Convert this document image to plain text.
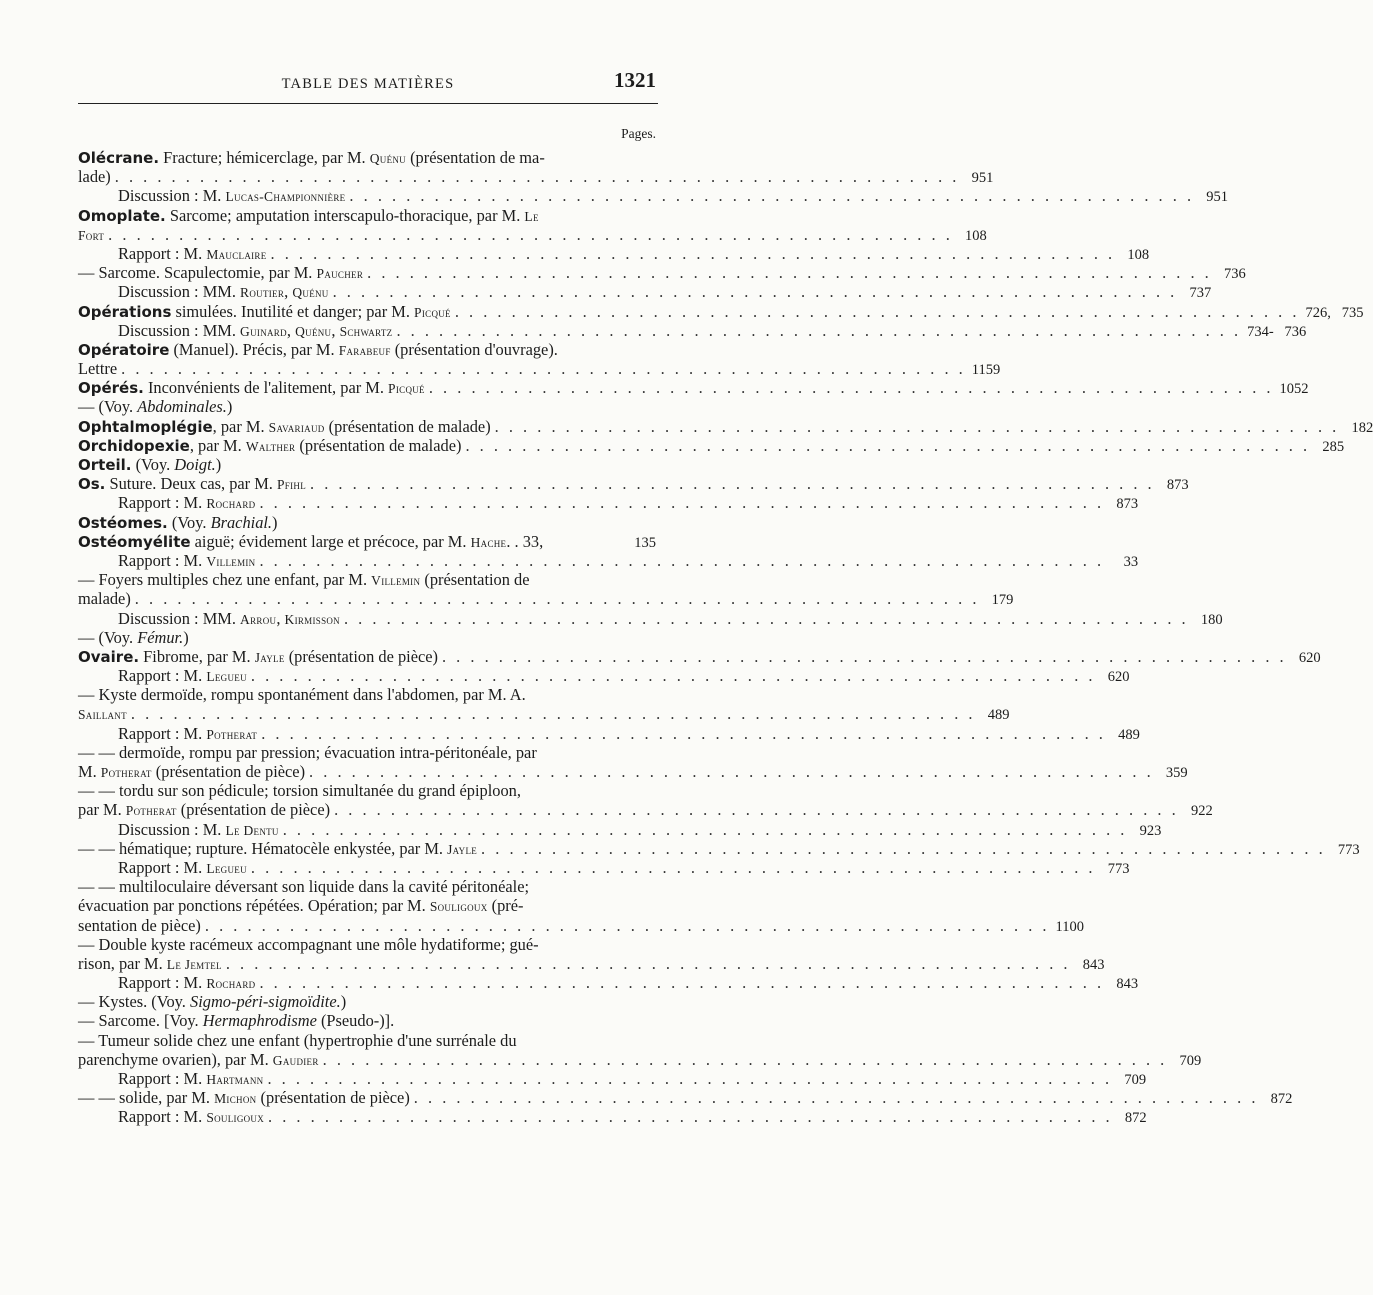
TABLE DES MATIÈRES	1321
Pages.
Olécrane. Fracture; hémicerclage, par M. Quénu (présentation de ma-
lade) . . . . . . . . . . . . . . . . . . . . . . . . . . . . . . . . . . . . . . . . . . . . . . . . . . . . . . . . . . . . 951
Discussion : M. Lucas-Championnière . . . . . . . . . . . . . . . . . . . . . . . . . . . . . . . . . . . . . . . . . . . . . . . . . . . . . . . . . . . . 951
Omoplate. Sarcome; amputation interscapulo-thoracique, par M. Le
Fort . . . . . . . . . . . . . . . . . . . . . . . . . . . . . . . . . . . . . . . . . . . . . . . . . . . . . . . . . . . . 108
Rapport : M. Mauclaire . . . . . . . . . . . . . . . . . . . . . . . . . . . . . . . . . . . . . . . . . . . . . . . . . . . . . . . . . . . . 108
— Sarcome. Scapulectomie, par M. Paucher . . . . . . . . . . . . . . . . . . . . . . . . . . . . . . . . . . . . . . . . . . . . . . . . . . . . . . . . . . . . 736
Discussion : MM. Routier, Quénu . . . . . . . . . . . . . . . . . . . . . . . . . . . . . . . . . . . . . . . . . . . . . . . . . . . . . . . . . . . . 737
Opérations simulées. Inutilité et danger; par M. Picqué . . . . . . . . . . . . . . . . . . . . . . . . . . . . . . . . . . . . . . . . . . . . . . . . . . . . . . . . . . . . 726,   735
Discussion : MM. Guinard, Quénu, Schwartz . . . . . . . . . . . . . . . . . . . . . . . . . . . . . . . . . . . . . . . . . . . . . . . . . . . . . . . . . . . . 734-   736
Opératoire (Manuel). Précis, par M. Farabeuf (présentation d'ouvrage).
Lettre . . . . . . . . . . . . . . . . . . . . . . . . . . . . . . . . . . . . . . . . . . . . . . . . . . . . . . . . . . . . 1159
Opérés. Inconvénients de l'alitement, par M. Picqué . . . . . . . . . . . . . . . . . . . . . . . . . . . . . . . . . . . . . . . . . . . . . . . . . . . . . . . . . . . . 1052
— (Voy. Abdominales.)
Ophtalmoplégie, par M. Savariaud (présentation de malade) . . . . . . . . . . . . . . . . . . . . . . . . . . . . . . . . . . . . . . . . . . . . . . . . . . . . . . . . . . . . 182
Orchidopexie, par M. Walther (présentation de malade) . . . . . . . . . . . . . . . . . . . . . . . . . . . . . . . . . . . . . . . . . . . . . . . . . . . . . . . . . . . . 285
Orteil. (Voy. Doigt.)
Os. Suture. Deux cas, par M. Pfihl . . . . . . . . . . . . . . . . . . . . . . . . . . . . . . . . . . . . . . . . . . . . . . . . . . . . . . . . . . . . 873
Rapport : M. Rochard . . . . . . . . . . . . . . . . . . . . . . . . . . . . . . . . . . . . . . . . . . . . . . . . . . . . . . . . . . . . 873
Ostéomes. (Voy. Brachial.)
Ostéomyélite aiguë; évidement large et précoce, par M. Hache. . 33,	135
Rapport : M. Villemin . . . . . . . . . . . . . . . . . . . . . . . . . . . . . . . . . . . . . . . . . . . . . . . . . . . . . . . . . . . .	33
— Foyers multiples chez une enfant, par M. Villemin (présentation de
malade) . . . . . . . . . . . . . . . . . . . . . . . . . . . . . . . . . . . . . . . . . . . . . . . . . . . . . . . . . . . . 179
Discussion : MM. Arrou, Kirmisson . . . . . . . . . . . . . . . . . . . . . . . . . . . . . . . . . . . . . . . . . . . . . . . . . . . . . . . . . . . . 180
— (Voy. Fémur.)
Ovaire. Fibrome, par M. Jayle (présentation de pièce) . . . . . . . . . . . . . . . . . . . . . . . . . . . . . . . . . . . . . . . . . . . . . . . . . . . . . . . . . . . . 620
Rapport : M. Legueu . . . . . . . . . . . . . . . . . . . . . . . . . . . . . . . . . . . . . . . . . . . . . . . . . . . . . . . . . . . . 620
— Kyste dermoïde, rompu spontanément dans l'abdomen, par M. A.
Saillant . . . . . . . . . . . . . . . . . . . . . . . . . . . . . . . . . . . . . . . . . . . . . . . . . . . . . . . . . . . . 489
Rapport : M. Potherat . . . . . . . . . . . . . . . . . . . . . . . . . . . . . . . . . . . . . . . . . . . . . . . . . . . . . . . . . . . . 489
— — dermoïde, rompu par pression; évacuation intra-péritonéale, par
M. Potherat (présentation de pièce) . . . . . . . . . . . . . . . . . . . . . . . . . . . . . . . . . . . . . . . . . . . . . . . . . . . . . . . . . . . . 359
— — tordu sur son pédicule; torsion simultanée du grand épiploon,
par M. Potherat (présentation de pièce) . . . . . . . . . . . . . . . . . . . . . . . . . . . . . . . . . . . . . . . . . . . . . . . . . . . . . . . . . . . . 922
Discussion : M. Le Dentu . . . . . . . . . . . . . . . . . . . . . . . . . . . . . . . . . . . . . . . . . . . . . . . . . . . . . . . . . . . . 923
— — hématique; rupture. Hématocèle enkystée, par M. Jayle . . . . . . . . . . . . . . . . . . . . . . . . . . . . . . . . . . . . . . . . . . . . . . . . . . . . . . . . . . . . 773
Rapport : M. Legueu . . . . . . . . . . . . . . . . . . . . . . . . . . . . . . . . . . . . . . . . . . . . . . . . . . . . . . . . . . . . 773
— — multiloculaire déversant son liquide dans la cavité péritonéale;
évacuation par ponctions répétées. Opération; par M. Souligoux (pré-
sentation de pièce) . . . . . . . . . . . . . . . . . . . . . . . . . . . . . . . . . . . . . . . . . . . . . . . . . . . . . . . . . . . . 1100
— Double kyste racémeux accompagnant une môle hydatiforme; gué-
rison, par M. Le Jemtel . . . . . . . . . . . . . . . . . . . . . . . . . . . . . . . . . . . . . . . . . . . . . . . . . . . . . . . . . . . . 843
Rapport : M. Rochard . . . . . . . . . . . . . . . . . . . . . . . . . . . . . . . . . . . . . . . . . . . . . . . . . . . . . . . . . . . . 843
— Kystes. (Voy. Sigmo-péri-sigmoïdite.)
— Sarcome. [Voy. Hermaphrodisme (Pseudo-)].
— Tumeur solide chez une enfant (hypertrophie d'une surrénale du
parenchyme ovarien), par M. Gaudier . . . . . . . . . . . . . . . . . . . . . . . . . . . . . . . . . . . . . . . . . . . . . . . . . . . . . . . . . . . . 709
Rapport : M. Hartmann . . . . . . . . . . . . . . . . . . . . . . . . . . . . . . . . . . . . . . . . . . . . . . . . . . . . . . . . . . . . 709
— — solide, par M. Michon (présentation de pièce) . . . . . . . . . . . . . . . . . . . . . . . . . . . . . . . . . . . . . . . . . . . . . . . . . . . . . . . . . . . . 872
Rapport : M. Souligoux . . . . . . . . . . . . . . . . . . . . . . . . . . . . . . . . . . . . . . . . . . . . . . . . . . . . . . . . . . . . 872
